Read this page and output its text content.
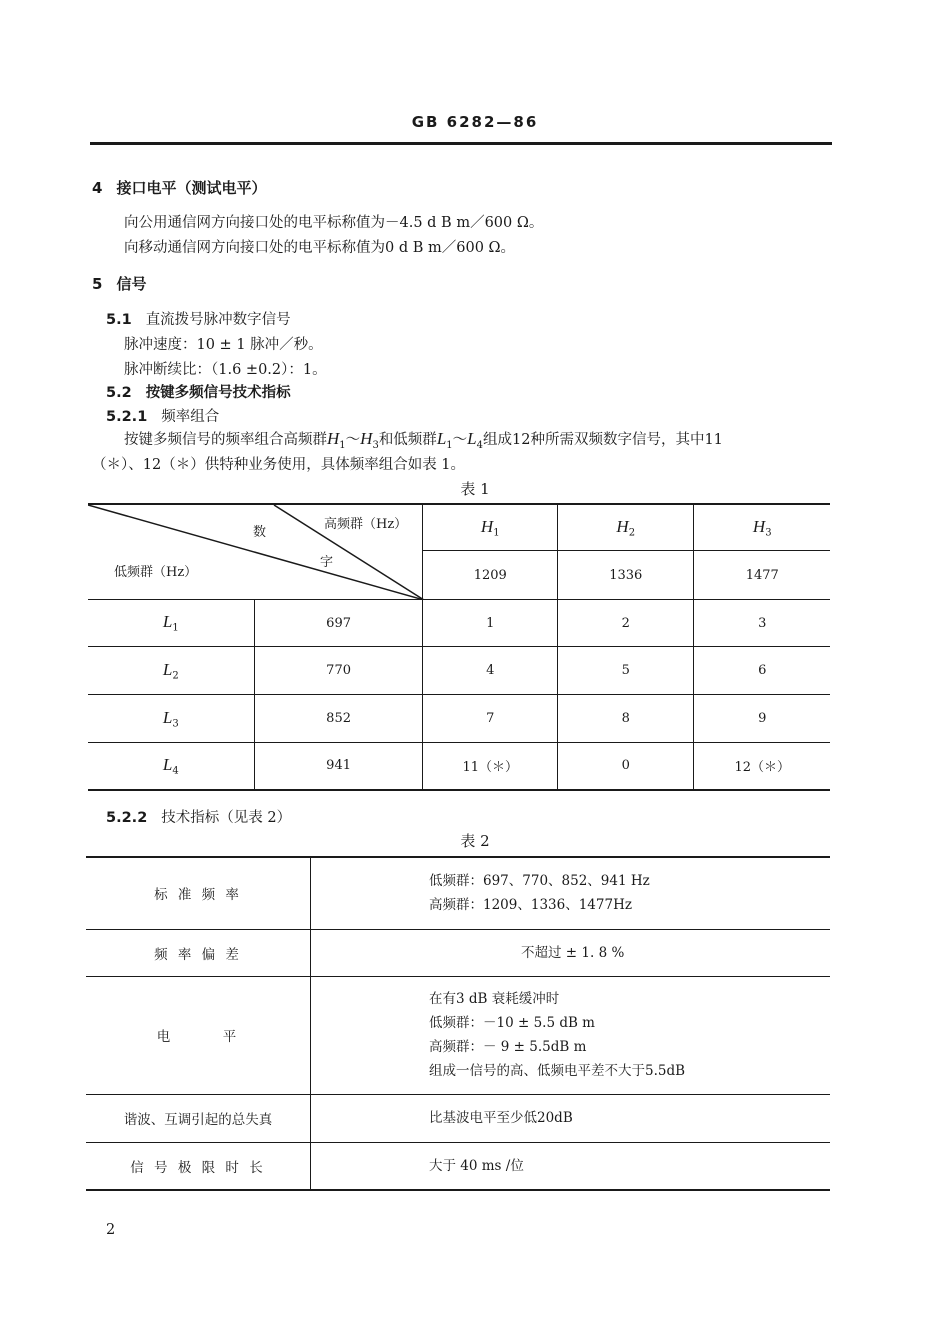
GB 6282—86
4 接口电平（测试电平）
向公用通信网方向接口处的电平标称值为－4.5 d B m／600 Ω。
向移动通信网方向接口处的电平标称值为0 d B m／600 Ω。
5 信号
5.1 直流拨号脉冲数字信号
脉冲速度：10 ± 1 脉冲／秒。
脉冲断续比：（1.6 ±0.2）：1。
5.2 按键多频信号技术指标
5.2.1 频率组合
按键多频信号的频率组合高频群$H_1\sim H_3$和低频群$L_1\sim L_4$组成12种所需双频数字信号，其中11
（＊）、12（＊）供特种业务使用，具体频率组合如表 1。
表 1
高频群（Hz）
数
字
低频群（Hz）		$H_1$	$H_2$	$H_3$
		1209	1336	1477
$L_1$	697	1	2	3
$L_2$	770	4	5	6
$L_3$	852	7	8	9
$L_4$	941	11（＊）	0	12（＊）
5.2.2 技术指标（见表 2）
表 2
标 准 频 率	低频群：697、770、852、941 Hz
高频群：1209、1336、1477Hz

频 率 偏 差	不超过 ± 1. 8 %

电　　　平	在有3 dB 衰耗缓冲时
低频群：－10 ± 5.5 dB m
高频群：－ 9 ± 5.5dB m
组成一信号的高、低频电平差不大于5.5dB

谐波、互调引起的总失真	比基波电平至少低20dB

信 号 极 限 时 长	大于 40 ms /位
2
